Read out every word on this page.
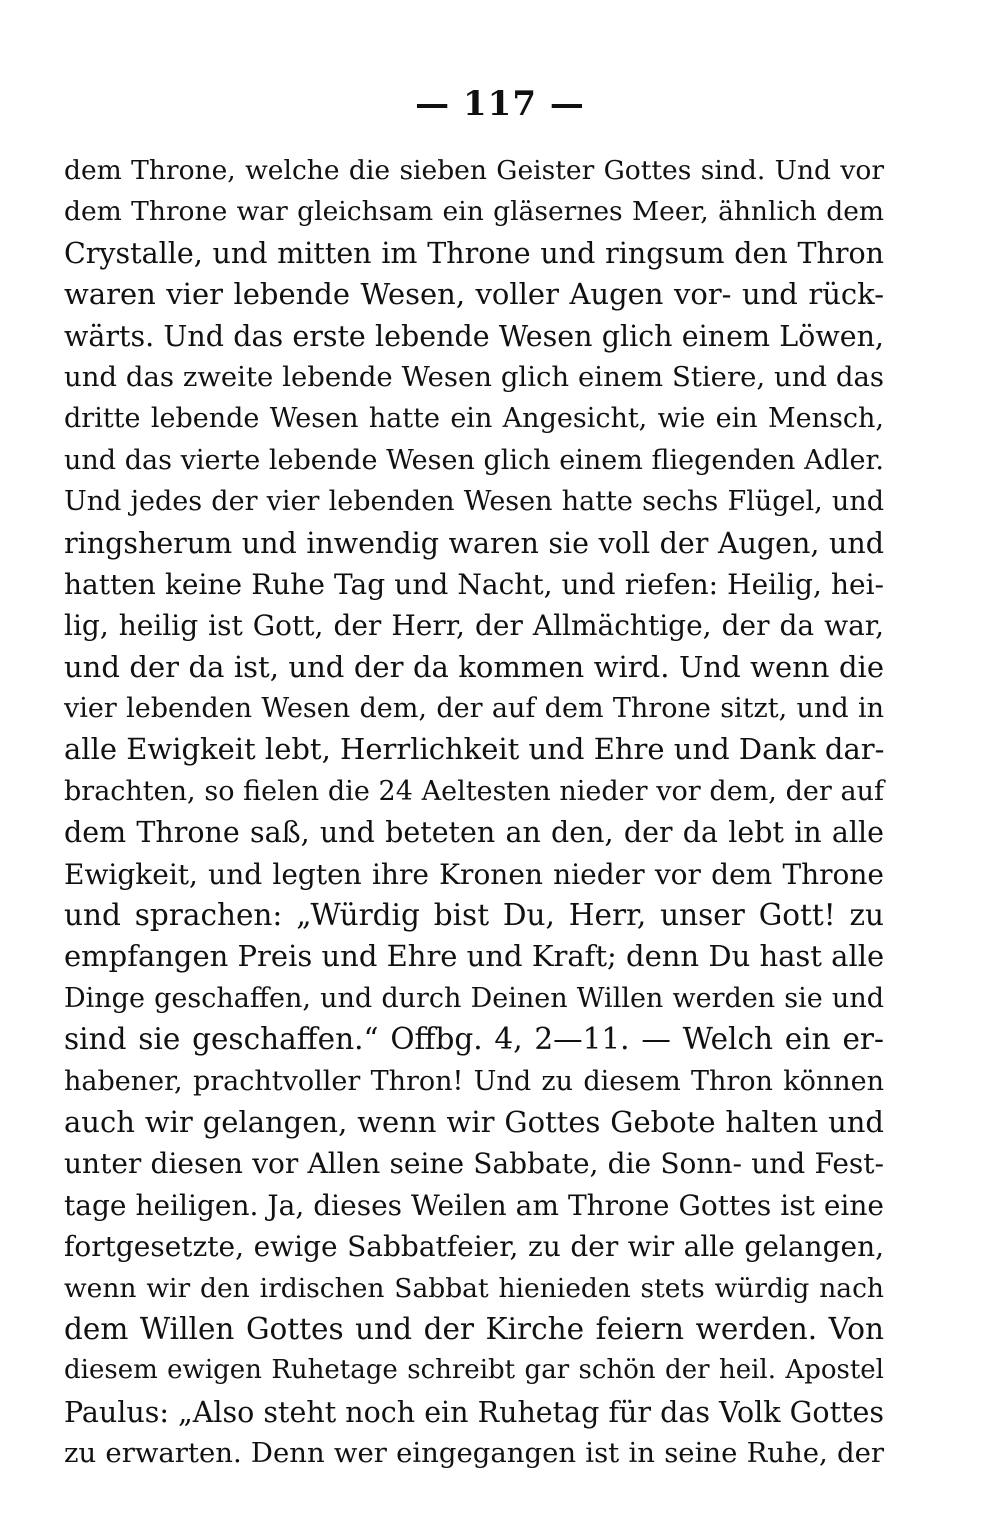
— 117 —
dem Throne, welche die sieben Geister Gottes sind. Und vor
dem Throne war gleichsam ein gläsernes Meer, ähnlich dem
Crystalle, und mitten im Throne und ringsum den Thron
waren vier lebende Wesen, voller Augen vor- und rück-
wärts. Und das erste lebende Wesen glich einem Löwen,
und das zweite lebende Wesen glich einem Stiere, und das
dritte lebende Wesen hatte ein Angesicht, wie ein Mensch,
und das vierte lebende Wesen glich einem fliegenden Adler.
Und jedes der vier lebenden Wesen hatte sechs Flügel, und
ringsherum und inwendig waren sie voll der Augen, und
hatten keine Ruhe Tag und Nacht, und riefen: Heilig, hei-
lig, heilig ist Gott, der Herr, der Allmächtige, der da war,
und der da ist, und der da kommen wird. Und wenn die
vier lebenden Wesen dem, der auf dem Throne sitzt, und in
alle Ewigkeit lebt, Herrlichkeit und Ehre und Dank dar-
brachten, so fielen die 24 Aeltesten nieder vor dem, der auf
dem Throne saß, und beteten an den, der da lebt in alle
Ewigkeit, und legten ihre Kronen nieder vor dem Throne
und sprachen: „Würdig bist Du, Herr, unser Gott! zu
empfangen Preis und Ehre und Kraft; denn Du hast alle
Dinge geschaffen, und durch Deinen Willen werden sie und
sind sie geschaffen.“ Offbg. 4, 2—11. — Welch ein er-
habener, prachtvoller Thron! Und zu diesem Thron können
auch wir gelangen, wenn wir Gottes Gebote halten und
unter diesen vor Allen seine Sabbate, die Sonn- und Fest-
tage heiligen. Ja, dieses Weilen am Throne Gottes ist eine
fortgesetzte, ewige Sabbatfeier, zu der wir alle gelangen,
wenn wir den irdischen Sabbat hienieden stets würdig nach
dem Willen Gottes und der Kirche feiern werden. Von
diesem ewigen Ruhetage schreibt gar schön der heil. Apostel
Paulus: „Also steht noch ein Ruhetag für das Volk Gottes
zu erwarten. Denn wer eingegangen ist in seine Ruhe, der
